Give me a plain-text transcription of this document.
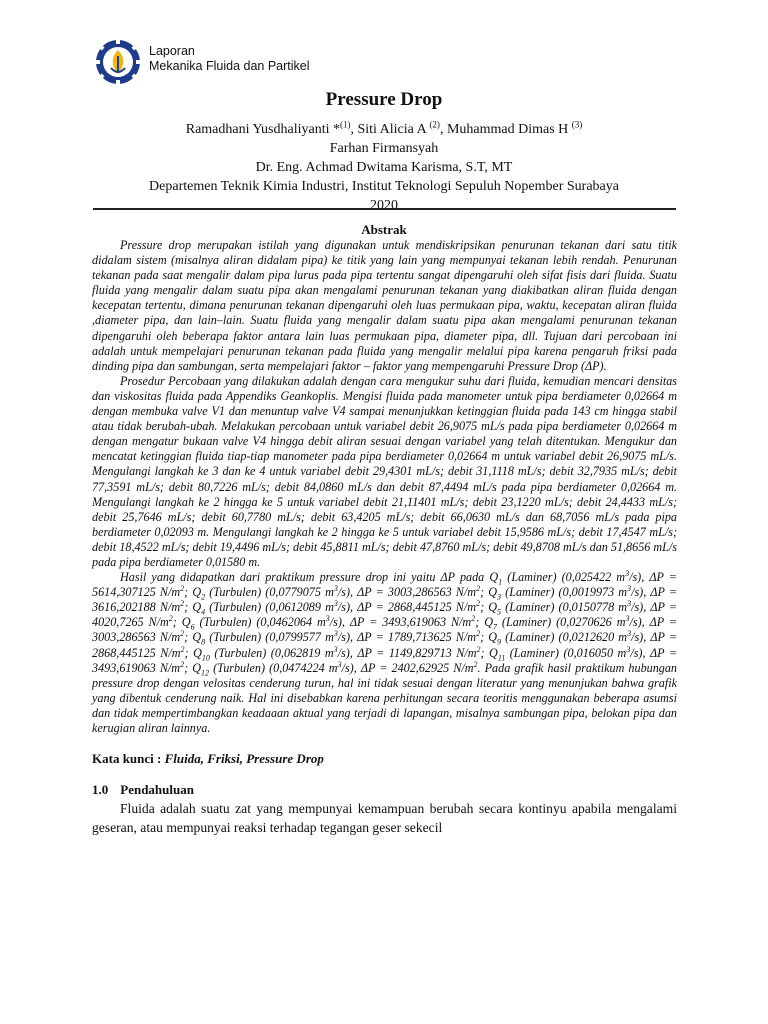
Laporan
Mekanika Fluida dan Partikel
Pressure Drop
Ramadhani Yusdhaliyanti *$^{(1)}$, Siti Alicia A $^{(2)}$, Muhammad Dimas H $^{(3)}$
Farhan Firmansyah
Dr. Eng. Achmad Dwitama Karisma, S.T, MT
Departemen Teknik Kimia Industri, Institut Teknologi Sepuluh Nopember Surabaya
2020
Abstrak

Pressure drop merupakan istilah yang digunakan untuk mendiskripsikan penurunan tekanan dari satu titik didalam sistem (misalnya aliran didalam pipa) ke titik yang lain yang mempunyai tekanan lebih rendah. Penurunan tekanan pada saat mengalir dalam pipa lurus pada pipa tertentu sangat dipengaruhi oleh sifat fisis dari fluida. Suatu fluida yang mengalir dalam suatu pipa akan mengalami penurunan tekanan yang diakibatkan aliran fluida dengan kecepatan tertentu, dimana penurunan tekanan dipengaruhi oleh luas permukaan pipa, waktu, kecepatan aliran fluida ,diameter pipa, dan lain–lain. Suatu fluida yang mengalir dalam suatu pipa akan mengalami penurunan tekanan dipengaruhi oleh beberapa faktor antara lain luas permukaan pipa, diameter pipa, dll. Tujuan dari percobaan ini adalah untuk mempelajari penurunan tekanan pada fluida yang mengalir melalui pipa karena pengaruh friksi pada dinding pipa dan sambungan, serta mempelajari faktor – faktor yang mempengaruhi Pressure Drop (ΔP).

Prosedur Percobaan yang dilakukan adalah dengan cara mengukur suhu dari fluida, kemudian mencari densitas dan viskositas fluida pada Appendiks Geankoplis. Mengisi fluida pada manometer untuk pipa berdiameter 0,02664 m dengan membuka valve V1 dan menuntup valve V4 sampai menunjukkan ketinggian fluida pada 143 cm hingga stabil atau tidak berubah-ubah. Melakukan percobaan untuk variabel debit 26,9075 mL/s pada pipa berdiameter 0,02664 m dengan mengatur bukaan valve V4 hingga debit aliran sesuai dengan variabel yang telah ditentukan. Mengukur dan mencatat ketinggian fluida tiap-tiap manometer pada pipa berdiameter 0,02664 m untuk variabel debit 26,9075 mL/s. Mengulangi langkah ke 3 dan ke 4 untuk variabel debit 29,4301 mL/s; debit 31,1118 mL/s; debit 32,7935 mL/s; debit 77,3591 mL/s; debit 80,7226 mL/s; debit 84,0860 mL/s dan debit 87,4494 mL/s pada pipa berdiameter 0,02664 m. Mengulangi langkah ke 2 hingga ke 5 untuk variabel debit 21,11401 mL/s; debit 23,1220 mL/s; debit 24,4433 mL/s; debit 25,7646 mL/s; debit 60,7780 mL/s; debit 63,4205 mL/s; debit 66,0630 mL/s dan 68,7056 mL/s pada pipa berdiameter 0,02093 m. Mengulangi langkah ke 2 hingga ke 5 untuk variabel debit 15,9586 mL/s; debit 17,4547 mL/s; debit 18,4522 mL/s; debit 19,4496 mL/s; debit 45,8811 mL/s; debit 47,8760 mL/s; debit 49,8708 mL/s dan 51,8656 mL/s pada pipa berdiameter 0,01580 m.

Hasil yang didapatkan dari praktikum pressure drop ini yaitu ΔP pada $Q_1$ (Laminer) (0,025422 $m^3/s$), ΔP = 5614,307125 $N/m^2$; $Q_2$ (Turbulen) (0,0779075 $m^3/s$), ΔP = 3003,286563 $N/m^2$; $Q_3$ (Laminer) (0,0019973 $m^3/s$), ΔP = 3616,202188 $N/m^2$; $Q_4$ (Turbulen) (0,0612089 $m^3/s$), ΔP = 2868,445125 $N/m^2$; $Q_5$ (Laminer) (0,0150778 $m^3/s$), ΔP = 4020,7265 $N/m^2$; $Q_6$ (Turbulen) (0,0462064 $m^3/s$), ΔP = 3493,619063 $N/m^2$; $Q_7$ (Laminer) (0,0270626 $m^3/s$), ΔP = 3003,286563 $N/m^2$; $Q_8$ (Turbulen) (0,0799577 $m^3/s$), ΔP = 1789,713625 $N/m^2$; $Q_9$ (Laminer) (0,0212620 $m^3/s$), ΔP = 2868,445125 $N/m^2$; $Q_{10}$ (Turbulen) (0,062819 $m^3/s$), ΔP = 1149,829713 $N/m^2$; $Q_{11}$ (Laminer) (0,016050 $m^3/s$), ΔP = 3493,619063 $N/m^2$; $Q_{12}$ (Turbulen) (0,0474224 $m^3/s$), ΔP = 2402,62925 $N/m^2$. Pada grafik hasil praktikum hubungan pressure drop dengan velositas cenderung turun, hal ini tidak sesuai dengan literatur yang menunjukan bahwa grafik yang dibentuk cenderung naik. Hal ini disebabkan karena perhitungan secara teoritis menggunakan beberapa asumsi dan tidak mempertimbangkan keadaaan aktual yang terjadi di lapangan, misalnya sambungan pipa, belokan pipa dan kerugian aliran lainnya.

Kata kunci : Fluida, Friksi, Pressure Drop

1.0 Pendahuluan

Fluida adalah suatu zat yang mempunyai kemampuan berubah secara kontinyu apabila mengalami geseran, atau mempunyai reaksi terhadap tegangan geser sekecil
